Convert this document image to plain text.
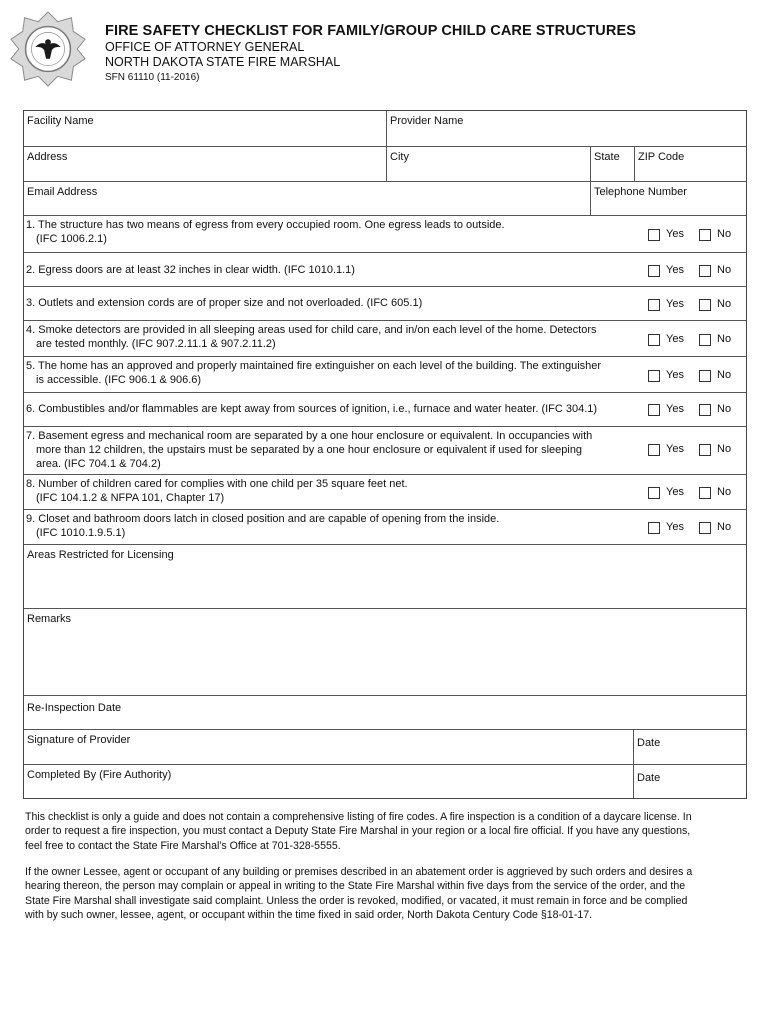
FIRE SAFETY CHECKLIST FOR FAMILY/GROUP CHILD CARE STRUCTURES
OFFICE OF ATTORNEY GENERAL
NORTH DAKOTA STATE FIRE MARSHAL
SFN 61110 (11-2016)
Facility Name	Provider Name
Address	City	State	ZIP Code
Email Address	Telephone Number
1. The structure has two means of egress from every occupied room. One egress leads to outside.
(IFC 1006.2.1)	Yes	No
2. Egress doors are at least 32 inches in clear width. (IFC 1010.1.1)	Yes	No
3. Outlets and extension cords are of proper size and not overloaded. (IFC 605.1)	Yes	No
4. Smoke detectors are provided in all sleeping areas used for child care, and in/on each level of the home. Detectors
are tested monthly. (IFC 907.2.11.1 & 907.2.11.2)	Yes	No
5. The home has an approved and properly maintained fire extinguisher on each level of the building. The extinguisher
is accessible. (IFC 906.1 & 906.6)	Yes	No
6. Combustibles and/or flammables are kept away from sources of ignition, i.e., furnace and water heater. (IFC 304.1)	Yes	No
7. Basement egress and mechanical room are separated by a one hour enclosure or equivalent. In occupancies with
more than 12 children, the upstairs must be separated by a one hour enclosure or equivalent if used for sleeping
area. (IFC 704.1 & 704.2)
Yes	No
8. Number of children cared for complies with one child per 35 square feet net.
(IFC 104.1.2 & NFPA 101, Chapter 17)	Yes	No
9. Closet and bathroom doors latch in closed position and are capable of opening from the inside.
(IFC 1010.1.9.5.1)	Yes	No
Areas Restricted for Licensing
Remarks
Re-Inspection Date
Signature of Provider	Date
Completed By (Fire Authority)	Date
This checklist is only a guide and does not contain a comprehensive listing of fire codes. A fire inspection is a condition of a daycare license. In
order to request a fire inspection, you must contact a Deputy State Fire Marshal in your region or a local fire official. If you have any questions,
feel free to contact the State Fire Marshal's Office at 701-328-5555.
If the owner Lessee, agent or occupant of any building or premises described in an abatement order is aggrieved by such orders and desires a
hearing thereon, the person may complain or appeal in writing to the State Fire Marshal within five days from the service of the order, and the
State Fire Marshal shall investigate said complaint. Unless the order is revoked, modified, or vacated, it must remain in force and be complied
with by such owner, lessee, agent, or occupant within the time fixed in said order, North Dakota Century Code §18-01-17.
